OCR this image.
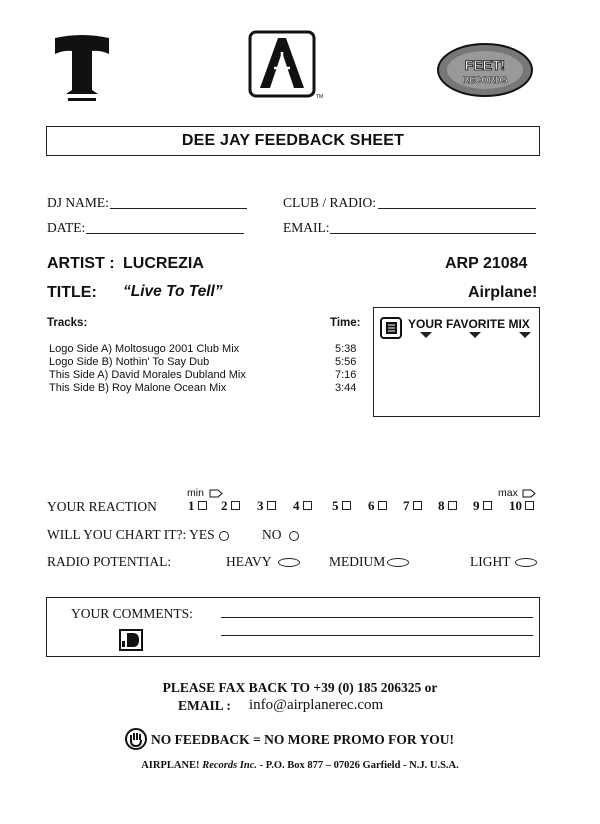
TM
FEET!
RECORDS
DEE JAY FEEDBACK SHEET
DJ NAME:	CLUB / RADIO:
DATE:	EMAIL:
ARTIST : LUCREZIA	ARP 21084
TITLE: “Live To Tell”	Airplane!
Tracks:	Time:
Logo Side A) Moltosugo 2001 Club Mix	5:38
Logo Side B) Nothin' To Say Dub	5:56
This Side A) David Morales Dubland Mix	7:16
This Side B) Roy Malone Ocean Mix	3:44
YOUR FAVORITE MIX
min	max
YOUR REACTION 1	2	3	4	5	6	7	8	9	10
WILL YOU CHART IT?: YES	NO
RADIO POTENTIAL:	HEAVY	MEDIUM	LIGHT
YOUR COMMENTS:
PLEASE FAX BACK TO +39 (0) 185 206325 or
EMAIL : info@airplanerec.com
NO FEEDBACK = NO MORE PROMO FOR YOU!
AIRPLANE! Records Inc. - P.O. Box 877 – 07026 Garfield - N.J. U.S.A.
